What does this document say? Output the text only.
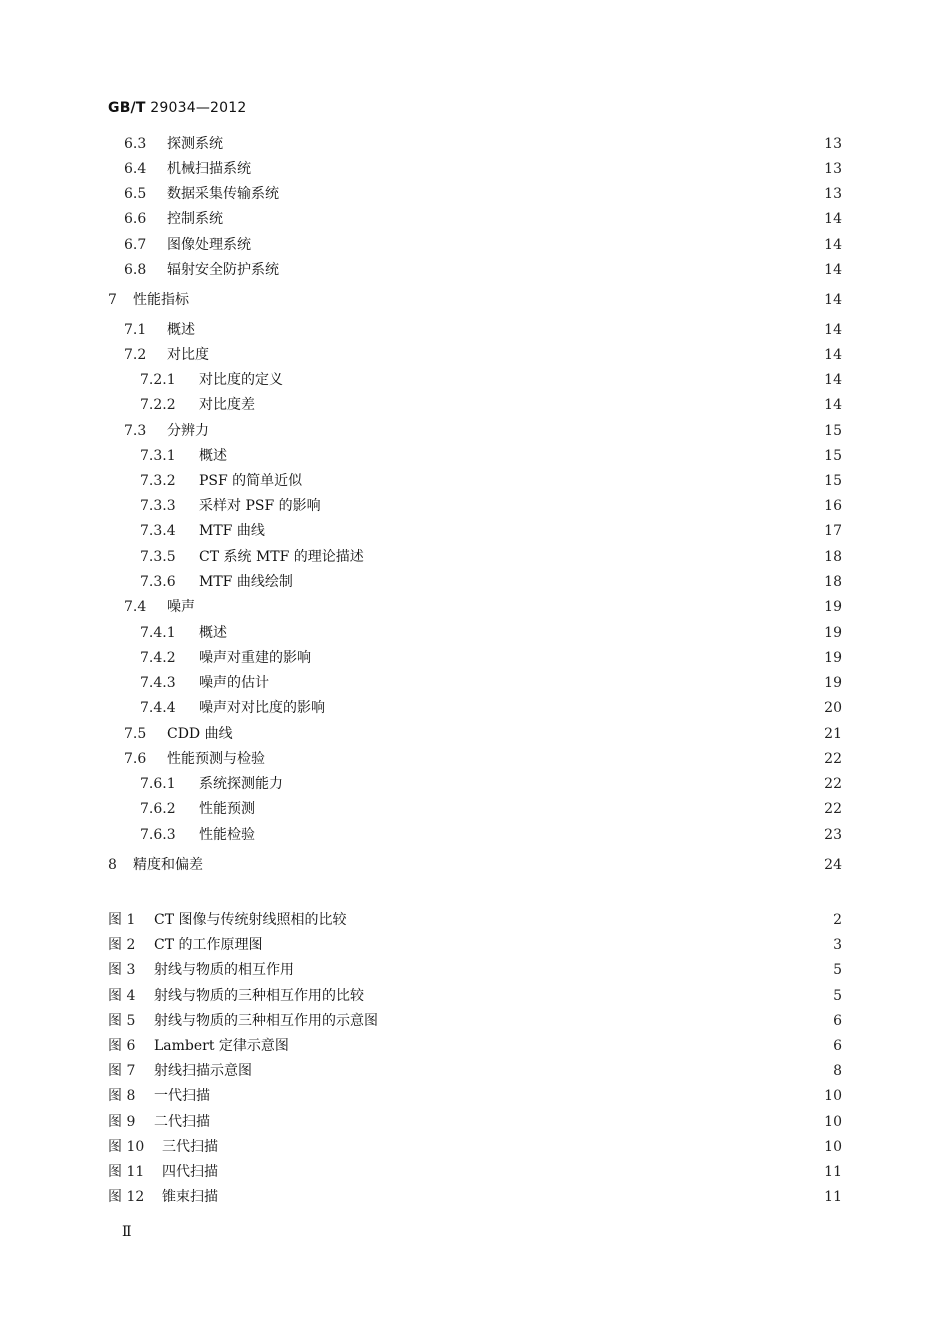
GB/T 29034—2012
6.3	探测系统	13
6.4	机械扫描系统	13
6.5	数据采集传输系统	13
6.6	控制系统	14
6.7	图像处理系统	14
6.8	辐射安全防护系统	14
7	性能指标	14
7.1	概述	14
7.2	对比度	14
7.2.1	对比度的定义	14
7.2.2	对比度差	14
7.3	分辨力	15
7.3.1	概述	15
7.3.2	PSF 的简单近似	15
7.3.3	采样对 PSF 的影响	16
7.3.4	MTF 曲线	17
7.3.5	CT 系统 MTF 的理论描述	18
7.3.6	MTF 曲线绘制	18
7.4	噪声	19
7.4.1	概述	19
7.4.2	噪声对重建的影响	19
7.4.3	噪声的估计	19
7.4.4	噪声对对比度的影响	20
7.5	CDD 曲线	21
7.6	性能预测与检验	22
7.6.1	系统探测能力	22
7.6.2	性能预测	22
7.6.3	性能检验	23
8	精度和偏差	24
图 1	CT 图像与传统射线照相的比较	2
图 2	CT 的工作原理图	3
图 3	射线与物质的相互作用	5
图 4	射线与物质的三种相互作用的比较	5
图 5	射线与物质的三种相互作用的示意图	6
图 6	Lambert 定律示意图	6
图 7	射线扫描示意图	8
图 8	一代扫描	10
图 9	二代扫描	10
图 10	三代扫描	10
图 11	四代扫描	11
图 12	锥束扫描	11
Ⅱ
